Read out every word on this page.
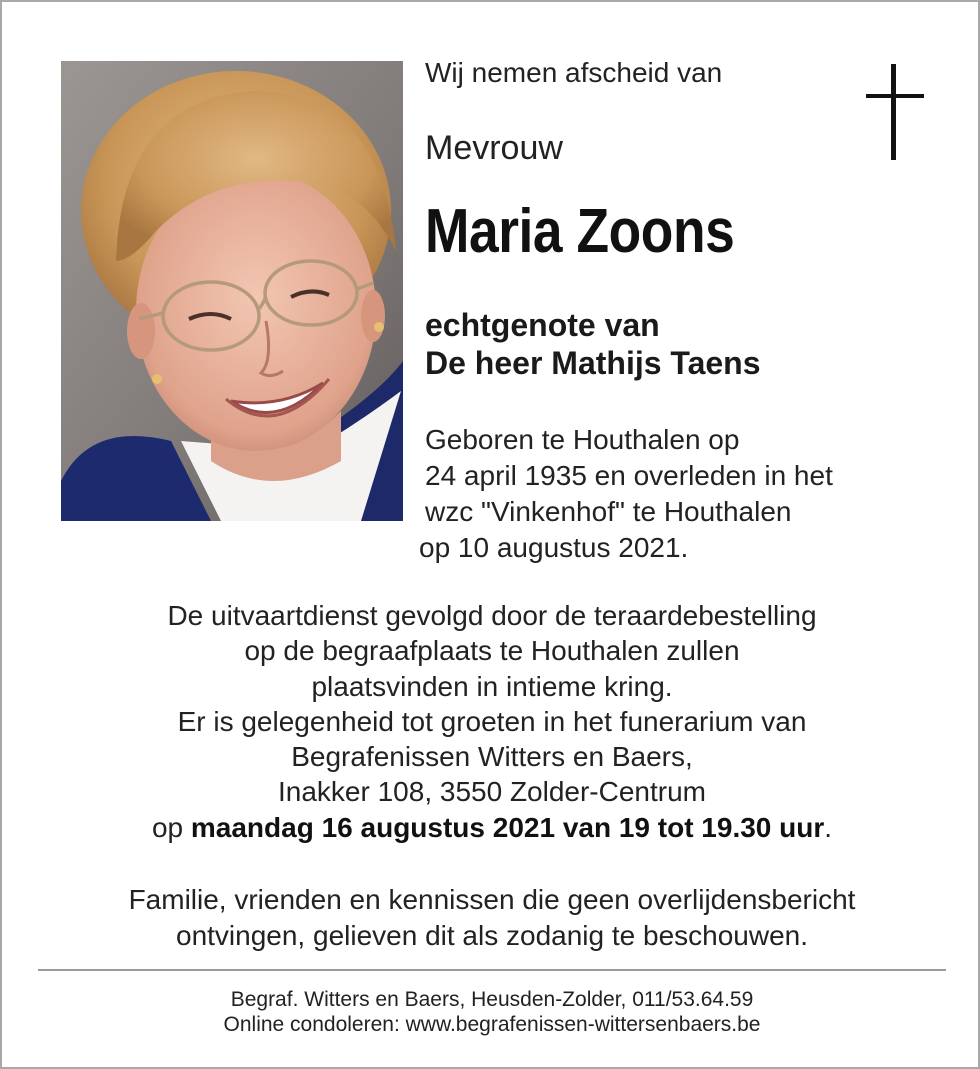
Wij nemen afscheid van
Mevrouw
Maria Zoons
echtgenote van
De heer Mathijs Taens
Geboren te Houthalen op
24 april 1935 en overleden in het
wzc "Vinkenhof" te Houthalen
op 10 augustus 2021.
De uitvaartdienst gevolgd door de teraardebestelling
op de begraafplaats te Houthalen zullen
plaatsvinden in intieme kring.
Er is gelegenheid tot groeten in het funerarium van
Begrafenissen Witters en Baers,
Inakker 108, 3550 Zolder-Centrum
op maandag 16 augustus 2021 van 19 tot 19.30 uur.
Familie, vrienden en kennissen die geen overlijdensbericht
ontvingen, gelieven dit als zodanig te beschouwen.
Begraf. Witters en Baers, Heusden-Zolder, 011/53.64.59
Online condoleren: www.begrafenissen-wittersenbaers.be
